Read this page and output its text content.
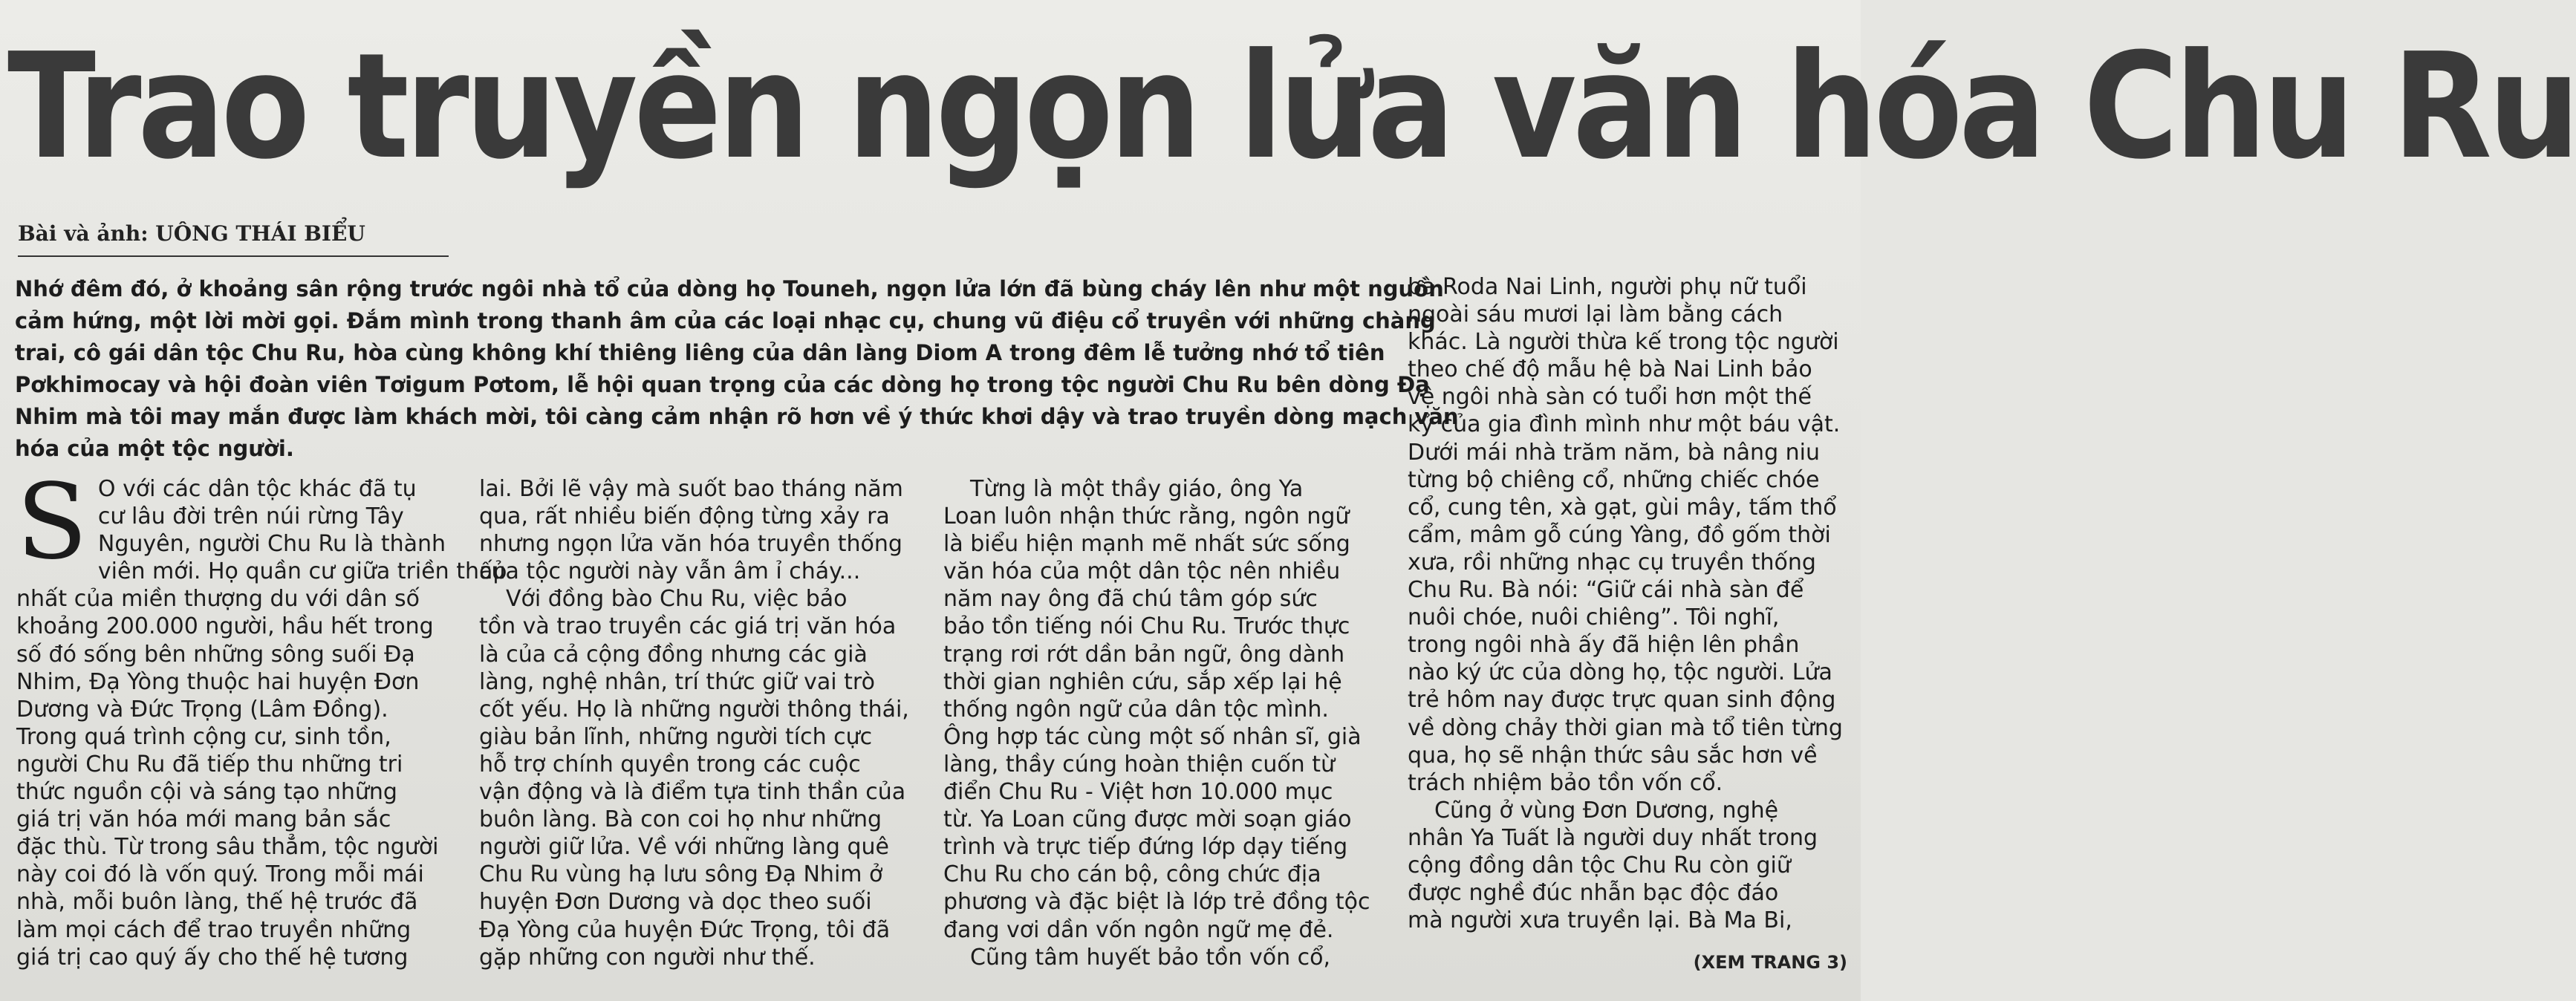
Trao truyền ngọn lửa văn hóa Chu Ru
Bài và ảnh: UÔNG THÁI BIỂU

Nhớ đêm đó, ở khoảng sân rộng trước ngôi nhà tổ của dòng họ Touneh, ngọn lửa lớn đã bùng cháy lên như một nguồn

cảm hứng, một lời mời gọi. Đắm mình trong thanh âm của các loại nhạc cụ, chung vũ điệu cổ truyền với những chàng

trai, cô gái dân tộc Chu Ru, hòa cùng không khí thiêng liêng của dân làng Diom A trong đêm lễ tưởng nhớ tổ tiên

Pơkhimocay và hội đoàn viên Tơigum Pơtom, lễ hội quan trọng của các dòng họ trong tộc người Chu Ru bên dòng Đạ

Nhim mà tôi may mắn được làm khách mời, tôi càng cảm nhận rõ hơn về ý thức khơi dậy và trao truyền dòng mạch văn

hóa của một tộc người.

S O với các dân tộc khác đã tụ

cư lâu đời trên núi rừng Tây

Nguyên, người Chu Ru là thành

viên mới. Họ quần cư giữa triền thấp

nhất của miền thượng du với dân số

khoảng 200.000 người, hầu hết trong

số đó sống bên những sông suối Đạ

Nhim, Đạ Yòng thuộc hai huyện Đơn

Dương và Đức Trọng (Lâm Đồng).

Trong quá trình cộng cư, sinh tồn,

người Chu Ru đã tiếp thu những tri

thức nguồn cội và sáng tạo những

giá trị văn hóa mới mang bản sắc

đặc thù. Từ trong sâu thẳm, tộc người

này coi đó là vốn quý. Trong mỗi mái

nhà, mỗi buôn làng, thế hệ trước đã

làm mọi cách để trao truyền những

giá trị cao quý ấy cho thế hệ tương

lai. Bởi lẽ vậy mà suốt bao tháng năm

qua, rất nhiều biến động từng xảy ra

nhưng ngọn lửa văn hóa truyền thống

của tộc người này vẫn âm ỉ cháy...

Với đồng bào Chu Ru, việc bảo

tồn và trao truyền các giá trị văn hóa

là của cả cộng đồng nhưng các già

làng, nghệ nhân, trí thức giữ vai trò

cốt yếu. Họ là những người thông thái,

giàu bản lĩnh, những người tích cực

hỗ trợ chính quyền trong các cuộc

vận động và là điểm tựa tinh thần của

buôn làng. Bà con coi họ như những

người giữ lửa. Về với những làng quê

Chu Ru vùng hạ lưu sông Đạ Nhim ở

huyện Đơn Dương và dọc theo suối

Đạ Yòng của huyện Đức Trọng, tôi đã

gặp những con người như thế.

Từng là một thầy giáo, ông Ya

Loan luôn nhận thức rằng, ngôn ngữ

là biểu hiện mạnh mẽ nhất sức sống

văn hóa của một dân tộc nên nhiều

năm nay ông đã chú tâm góp sức

bảo tồn tiếng nói Chu Ru. Trước thực

trạng rơi rớt dần bản ngữ, ông dành

thời gian nghiên cứu, sắp xếp lại hệ

thống ngôn ngữ của dân tộc mình.

Ông hợp tác cùng một số nhân sĩ, già

làng, thầy cúng hoàn thiện cuốn từ

điển Chu Ru - Việt hơn 10.000 mục

từ. Ya Loan cũng được mời soạn giáo

trình và trực tiếp đứng lớp dạy tiếng

Chu Ru cho cán bộ, công chức địa

phương và đặc biệt là lớp trẻ đồng tộc

đang vơi dần vốn ngôn ngữ mẹ đẻ.

Cũng tâm huyết bảo tồn vốn cổ,

bà Roda Nai Linh, người phụ nữ tuổi

ngoài sáu mươi lại làm bằng cách

khác. Là người thừa kế trong tộc người

theo chế độ mẫu hệ bà Nai Linh bảo

vệ ngôi nhà sàn có tuổi hơn một thế

kỷ của gia đình mình như một báu vật.

Dưới mái nhà trăm năm, bà nâng niu

từng bộ chiêng cổ, những chiếc chóe

cổ, cung tên, xà gạt, gùi mây, tấm thổ

cẩm, mâm gỗ cúng Yàng, đồ gốm thời

xưa, rồi những nhạc cụ truyền thống

Chu Ru. Bà nói: “Giữ cái nhà sàn để

nuôi chóe, nuôi chiêng”. Tôi nghĩ,

trong ngôi nhà ấy đã hiện lên phần

nào ký ức của dòng họ, tộc người. Lửa

trẻ hôm nay được trực quan sinh động

về dòng chảy thời gian mà tổ tiên từng

qua, họ sẽ nhận thức sâu sắc hơn về

trách nhiệm bảo tồn vốn cổ.

Cũng ở vùng Đơn Dương, nghệ

nhân Ya Tuất là người duy nhất trong

cộng đồng dân tộc Chu Ru còn giữ

được nghề đúc nhẫn bạc độc đáo

mà người xưa truyền lại. Bà Ma Bi,

(XEM TRANG 3)
